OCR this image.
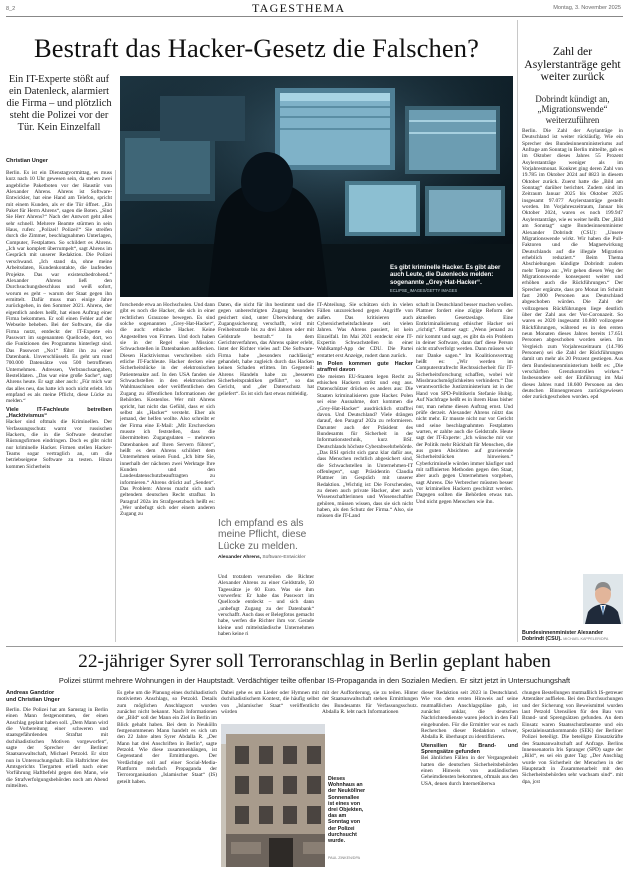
8_2	TAGESTHEMA	Montag, 3. November 2025
Bestraft das Hacker-Gesetz die Falschen?
Ein IT-Experte stößt auf ein Datenleck, alarmiert die Firma – und plötzlich steht die Polizei vor der Tür. Kein Einzelfall
Christian Unger
Es gibt kriminelle Hacker. Es gibt aber auch Leute, die Datenlecks melden: sogenannte „Grey-Hat-Hacker“.
ECLIPSE_IMAGES/GETTY IMAGES

Berlin. Es ist ein Dienstagvormittag, es muss kurz nach 10 Uhr gewesen sein, da stehen zwei angebliche Paketboten vor der Haustür von Alexander Ahrens. Ahrens ist Software-Entwickler, hat eine Hand am Telefon, spricht mit einem Kunden, als er die Tür öffnet. „Ein Paket für Herrn Ahrens“, sagen die Boten. „Sind Sie Herr Ahrens?“ Nach der Antwort geht alles sehr schnell. Mehrere Beamte stürmen in sein Haus, rufen: „Polizei! Polizei!“ Sie streifen durch die Zimmer, beschlagnahmen Unterlagen, Computer, Festplatten. So schildert es Ahrens. „Ich war komplett überrumpelt“, sagt Ahrens im Gespräch mit unserer Redaktion. Die Polizei verschwand. „Ich stand da, ohne meine Arbeitsdaten, Kundenkontakte, die laufenden Projekte. Das war existenzbedrohend.“ Alexander Ahrens ließ den Durchsuchungsbeschluss und weiß sofort, worum es geht – warum der Staat gegen ihn ermittelt. Dafür muss man einige Jahre zurückgehen, in den Sommer 2021. Ahrens, der eigentlich anders heißt, hat einen Auftrag einer Firma bekommen. Er soll einen Fehler auf der Webseite beheben. Bei der Software, die die Firma nutzt, entdeckt der IT-Experte ein Passwort im sogenannten Quellcode, dort, wo die Funktionen des Programms hinterlegt sind. Das Passwort „No1“ führt ihn zu einer Datenbank. Unverschlüsselt. Es geht um rund 700.000 Datensätze von 500 betroffenen Unternehmen. Adressen, Verbrauchsangaben, Bestelldaten. „Das war eine große Sache“, sagt Ahrens heute. Er sagt aber auch: „Für mich war das alles neu, das hatte ich noch nicht erlebt. Ich empfand es als meine Pflicht, diese Lücke zu melden.“

Viele IT-Fachleute betreiben „Hacktivismus“

Hacker sind oftmals die Kriminellen. Der Verfassungsschutz warnt vor russischen Hackern, die in die Software deutscher Rüstungsfirmen eindringen. Doch es gibt nicht nur kriminelle Hacker. Firmen stellen Hacker-Teams sogar vertraglich an, um die betriebseigene Software zu testen. Hinzu kommen Sicherheits

forschende etwa an Hochschulen. Und dann gibt es noch die Hacker, die sich in einer rechtlichen Grauzone bewegen. Es sind solche sogenannten „Grey-Hat-Hacker“, die auch: ethische Hacker. Keine Angestellten von Firmen. Und doch haben sie in der Regel eine Mission: Schwachstellen in Datenbanken aufdecken. Diesen Hacktivismus verschreiben sich etliche IT-Fachleute. Hacker decken eine Sicherheitslücke in der elektronischen Patientenakte auf. In den USA fanden sie Schwachstellen in den elektronischen Wahlmaschinen oder veröffentlichen den Zugang zu öffentlichen Informationen der Behörden. Kostenlos. Wer mit Ahrens spricht, hat nicht das Gefühl, dass er sich selbst als „Hacker“ versteht. Eher als jemand, der helfen wollte. Also schreibt er der Firma eine E-Mail: „Mit Erschrecken musste ich feststellen, dass die übermittelten Zugangsdaten – mehreren Datenbanken auf Ihren Servern führen“, heißt es dem Ahrens schildert dem Unternehmen seinen Fund. „Ich bitte Sie, innerhalb der nächsten zwei Werktage Ihre Kunden und den Landesdatenschutzbeauftragten zu informieren.“ Ahrens drückt auf „Senden“. Das Problem: Ahrens macht sich nach geltendem deutschen Recht strafbar. In Paragraf 202a im Strafgesetzbuch heißt es: „Wer unbefugt sich oder einem anderen Zugang zu

Ich empfand es als meine Pflicht, diese Lücke zu melden.
Alexander Ahrens, Software-Entwickler

Daten, die nicht für ihn bestimmt und die gegen unberechtigten Zugang besonders gesichert sind, unter Überwindung der Zugangssicherung verschafft, wird mit Freiheitsstrafe bis zu drei Jahren oder mit Geldstrafe bestraft.“ In dem Gerichtsverfahren, das Ahrens später erlebt, listet der Richter vieles auf: Die Software-Firma habe „besonders nachlässig“ gehandelt, habe zugleich durch das Hacken keinen Schaden erlitten. Im Gegenteil: Ahrens Handeln habe zu „besseren Sicherheitspraktiken geführt“, so das Gericht, und „der Datenschutz hat geliefert“. Es ist sich fast etwas mitleidig.

Und trotzdem verurteilen die Richter Alexander Ahrens zu einer Geldstrafe, 50 Tagessätze je 60 Euro. Was sie ihm vorwerfen: Er habe das Passwort im Quellcode entdeckt – und sich dann „unbefugt Zugang zu der Datenbank“ verschafft. Auch dass er Belegfotos gemacht habe, werfen die Richter ihm vor. Gerade kleine und mittelständische Unternehmen haben keine ri

IT-Abteilung. Sie schützen sich in vielen Fällen unzureichend gegen Angriffe von außen. Das kritisieren auch Cybersicherheitsfachleute seit vielen Jahren. Was Ahrens passiert, ist kein Einzelfall. Im Mai 2021 entdeckt eine IT-Expertin Schwachstellen in einer Wahlkampf-App der CDU. Die Partei erstattet erst Anzeige, rudert dann zurück.

In Polen kommen gute Hacker straffrei davon

Die meisten EU-Staaten legen Recht zu ethischen Hackern strikt und eng aus. Datenschützer drücken es anders aus: Die Staaten kriminalisieren gute Hacker. Polen sei eine Ausnahme, dort kommen die „Grey-Hat-Hacker“ ausdrücklich straffrei davon. Und Deutschland? Viele drängen darauf, den Paragraf 202a zu reformieren. Darunter auch der Präsident des Bundesamts für Sicherheit in der Informationstechnik, kurz BSI. Deutschlands höchste Cyberabwehrbehörde. „Das BSI spricht sich ganz klar dafür aus, dass Menschen rechtlich abgesichert sind, die Schwachstellen in Unternehmen-IT offenlegen“, sagt Präsidentin Claudia Plattner im Gespräch mit unserer Redaktion. „Wichtig ist: Die Forschenden, zu denen auch private Hacker, aber auch Wissenschaftlerinnen und Wissenschaftler gehören, müssen wissen, dass sie sich nicht haben, als den Schutz der Firma.“ Also, sie müssen die IT-Land

schaft in Deutschland besser machen wollen. Plattner fordert eine zügige Reform der aktuellen Gesetzeslage. Eine Entkriminalisierung ethischer Hacker sei „richtig“. Plattner sagt: „Wenn jemand zu mir kommt und sagt, es gibt da ein Problem in deiner Software, dann darf diese Person nicht strafverfolgt werden. Dann müssen wir nur Danke sagen.“ Im Koalitionsvertrag heißt es: „Wir werden im Computerstrafrecht Rechtssicherheit für IT-Sicherheitsforschung schaffen, wobei wir Missbrauchsmöglichkeiten verhindern.“ Das verantwortliche Justizministerium ist in der Hand von SPD-Politikerin Stefanie Hubig. Auf Nachfrage heißt es in ihrem Haus bisher nur, man nehme diesen Auftrag ernst. Und prüfe derzeit. Alexander Ahrens nützt das nicht mehr. Er musste nicht nur vor Gericht und seine beschlagnahmten Festplatten warten, er zahlte auch die Geldstrafe. Heute sagt der IT-Experte: „Ich wünsche mir vor der Politik mehr Rückhalt für Menschen, die aus guten Absichten auf gravierende Sicherheitslücken hinweisen.“ Cyberkriminelle würden immer häufiger und mit raffinierten Methoden gegen den Staat, aber auch gegen Unternehmen vorgehen, sagt Ahrens. Die Verbrecher müssten besser vor kriminellen Hackern geschützt werden. Dagegen sollten die Behörden etwas tun. Und nicht gegen Menschen wie ihn.

Zahl der Asylerstanträge geht weiter zurück
Dobrindt kündigt an, „Migrationswende“ weiterzuführen

Berlin. Die Zahl der Asylanträge in Deutschland ist weiter rückläufig. Wie ein Sprecher des Bundesinnenministeriums auf Anfrage am Sonntag in Berlin mitteilte, gab es im Oktober dieses Jahres 55 Prozent Asylerstanträge weniger als im Vorjahresmonat. Konkret ging deren Zahl von 19.785 im Oktober 2024 auf 8823 in diesem Oktober zurück. Zuerst hatte die „Bild am Sonntag“ darüber berichtet. Zudem sind im Zeitraum Januar 2025 bis Oktober 2025 insgesamt 97.077 Asylerstanträge gestellt worden. Im Vorjahreszeitraum, Januar bis Oktober 2024, waren es noch 199.947 Asylerstanträge, wie es weiter heißt. Der „Bild am Sonntag“ sagte Bundesinnenminister Alexander Dobrindt (CSU): „Unsere Migrationswende wirkt. Wir haben die Pull-Faktoren und die Magnetwirkung Deutschlands auf die illegale Migration erheblich reduziert.“ Beim Thema Abschiebungen kündigte Dobrindt zudem mehr Tempo an: „Wir gehen diesen Weg der Migrationswende konsequent weiter und erhöhen auch die Rückführungen.“ Der Sprecher ergänzte, dass pro Monat im Schnitt fast 2000 Personen aus Deutschland abgeschoben würden. Die Zahl der vollzogenen Rückführungen liege deutlich über der Zahl aus der Vor-Coronazeit. So waren es 2020 insgesamt 10.800 vollzogene Rückführungen, während es in den ersten neun Monaten dieses Jahres bereits 17.651 Personen abgeschoben worden seien. Im Vergleich zum Vorjahreszeitraum (14.706 Personen) sei die Zahl der Rückführungen damit um mehr als 20 Prozent gestiegen. Aus dem Bundesinnenministerium heißt es: „Die verschärften Grenzkontrollen wirken.“ Insbesondere seit der Einführung im Mai dieses Jahres rund 18.600 Personen an den deutschen Binnengrenzen zurückgewiesen oder zurückgeschoben worden. epd

Bundesinnenminister Alexander Dobrindt (CSU). MICHAEL KAPPELER/DPA
22-jähriger Syrer soll Terroranschlag in Berlin geplant haben
Polizei stürmt mehrere Wohnungen in der Hauptstadt. Verdächtiger teilte offenbar IS-Propaganda in den Sozialen Medien. Er sitzt jetzt in Untersuchungshaft
Andreas Gandzior
und Christian Unger

Berlin. Die Polizei hat am Samstag in Berlin einen Mann festgenommen, der einen Anschlag geplant haben soll. „Dem Mann wird die Vorbereitung einer schweren und staatsgefährdenden Straftat mit dschihadistischen Motiven vorgeworfen“, sagte der Sprecher der Berliner Staatsanwaltschaft, Michael Petzold. Er sitzt nun in Untersuchungshaft. Ein Haftrichter des Amtsgerichts Tiergarten erließ nach einer Vorführung Haftbefehl gegen den Mann, wie die Strafverfolgungsbehörden noch am Abend mitteilten.

Es gehe um die Planung eines dschihadistisch motivierten Anschlags, so Petzold. Details zum möglichen Anschlagsort wurden zunächst nicht bekannt. Nach Informationen der „Bild“ soll der Mann ein Ziel in Berlin im Blick gehabt haben. Bei dem in Neukölln festgenommenen Mann handelt es sich um den 22 Jahre alten Syrer Abdalla R. „Der Mann hat drei Anschriften in Berlin“, sagte Petzold. Wie diese zusammenhängen, ist Gegenstand der Ermittlungen. Der Verdächtige soll auf einer Social-Media-Plattform mehrfach Propaganda der Terrororganisation „Islamischer Staat“ (IS) geteilt haben.

Dabei gehe es um Lieder oder Hymnen mit dschihadistischem Kontext, die häufig selbst von „Islamischer Staat“ veröffentlicht würden

Dieses Wohnhaus an der Neuköllner Sonnenallee ist eines von drei Objekten, das am Sonntag von der Polizei durchsucht wurde.
PAUL ZINKEN/DPA

mit der Aufforderung, sie zu teilen. Hinter der Staatsanwaltschaft stehen Ermittlungen des Bundesamts für Verfassungsschutz. Abdalla R. lebt nach Informationen

dieser Redaktion seit 2023 in Deutschland. Wie von dem ersten Hinweis auf seine mutmaßlichen Anschlagspläne gab, ist zunächst unklar, die deutschen Nachrichtendienste waren jedoch in den Fall eingebunden. Für die Ermittler war es nach Recherchen dieser Redaktion schwer, Abdalla R. überhaupt zu identifizieren.

Utensilien für Brand- und Sprengsätze gefunden

Bei ähnlichen Fällen in der Vergangenheit hatten die deutschen Sicherheitsbehörden einen Hinweis von ausländischen Geheimdiensten bekommen, oftmals aus den USA, denen durch Internetüberwa

chungen Bestellungen mutmaßlich IS-getreuer Attentäter auffielen. Bei den Durchsuchungen und der Sicherung von Beweismittel wurden laut Petzold Utensilien für den Bau von Brand- und Sprengsätzen gefunden. An dem Einsatz waren Staatsschutzbeamte und ein Spezialeinsatzkommando (SEK) der Berliner Polizei beteiligt. Die beteiligte Einsatzkräfte des Staatsanwaltschaft auf Anfrage. Berlins Innensenatorin Iris Spranger (SPD) sagte der „Bild“, es sei ein guter Tag: „Der Anschlag wurde von Sicherheit der Menschen in der Hauptstadt in Zusammenarbeit mit den Sicherheitsbehörden sehr wachsam sind“. mit dpa, jcst
